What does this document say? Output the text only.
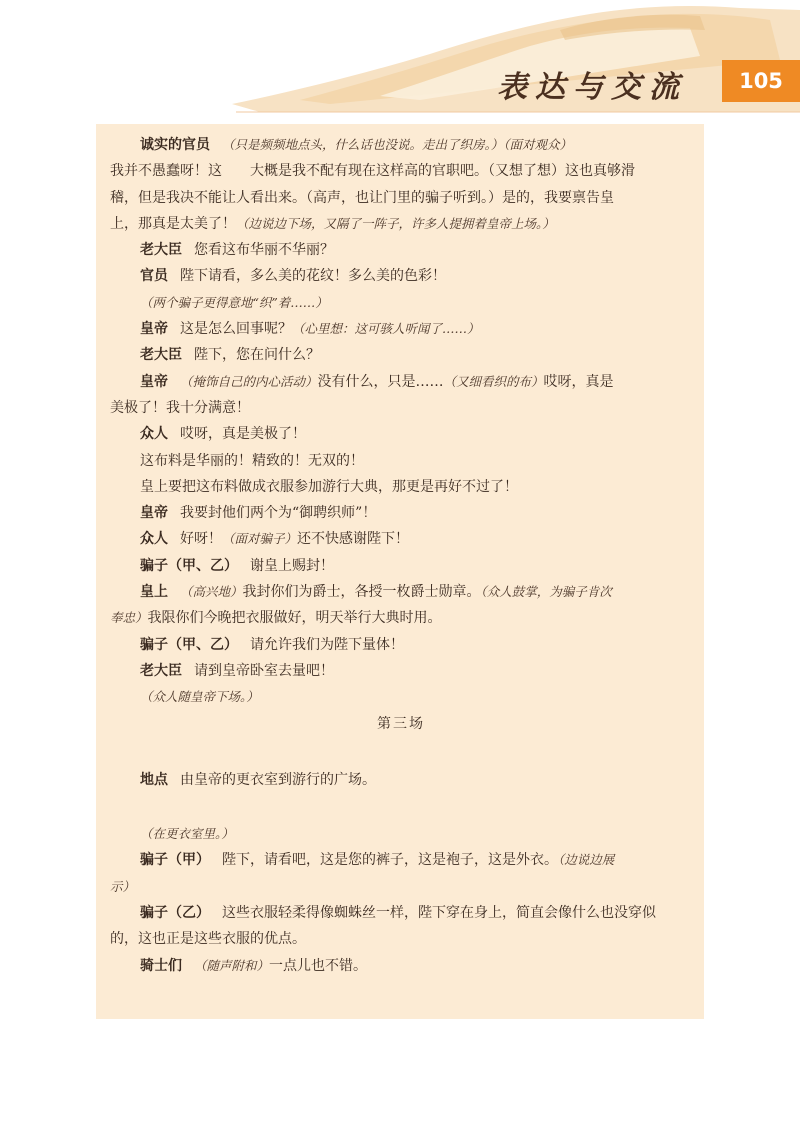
表达与交流	105
诚实的官员 （只是频频地点头，什么话也没说。走出了织房。）（面对观众）
我并不愚蠢呀！这　　大概是我不配有现在这样高的官职吧。（又想了想）这也真够滑
稽，但是我决不能让人看出来。（高声，也让门里的骗子听到。）是的，我要禀告皇
上，那真是太美了！（边说边下场，又隔了一阵子，许多人提拥着皇帝上场。）
老大臣 您看这布华丽不华丽？
官员 陛下请看，多么美的花纹！多么美的色彩！
（两个骗子更得意地“织”着……）
皇帝 这是怎么回事呢？（心里想：这可骇人听闻了……）
老大臣 陛下，您在问什么？
皇帝 （掩饰自己的内心活动）没有什么，只是……（又细看织的布）哎呀，真是
美极了！我十分满意！
众人 哎呀，真是美极了！
这布料是华丽的！精致的！无双的！
皇上要把这布料做成衣服参加游行大典，那更是再好不过了！
皇帝 我要封他们两个为“御聘织师”！
众人 好呀！（面对骗子）还不快感谢陛下！
骗子（甲、乙） 谢皇上赐封！
皇上 （高兴地）我封你们为爵士，各授一枚爵士勋章。（众人鼓掌，为骗子肯次
奉忠）我限你们今晚把衣服做好，明天举行大典时用。
骗子（甲、乙） 请允许我们为陛下量体！
老大臣 请到皇帝卧室去量吧！
（众人随皇帝下场。）
第三场
地点 由皇帝的更衣室到游行的广场。
（在更衣室里。）
骗子（甲） 陛下，请看吧，这是您的裤子，这是袍子，这是外衣。（边说边展
示）
骗子（乙） 这些衣服轻柔得像蜘蛛丝一样，陛下穿在身上，简直会像什么也没穿似
的，这也正是这些衣服的优点。
骑士们 （随声附和）一点儿也不错。
